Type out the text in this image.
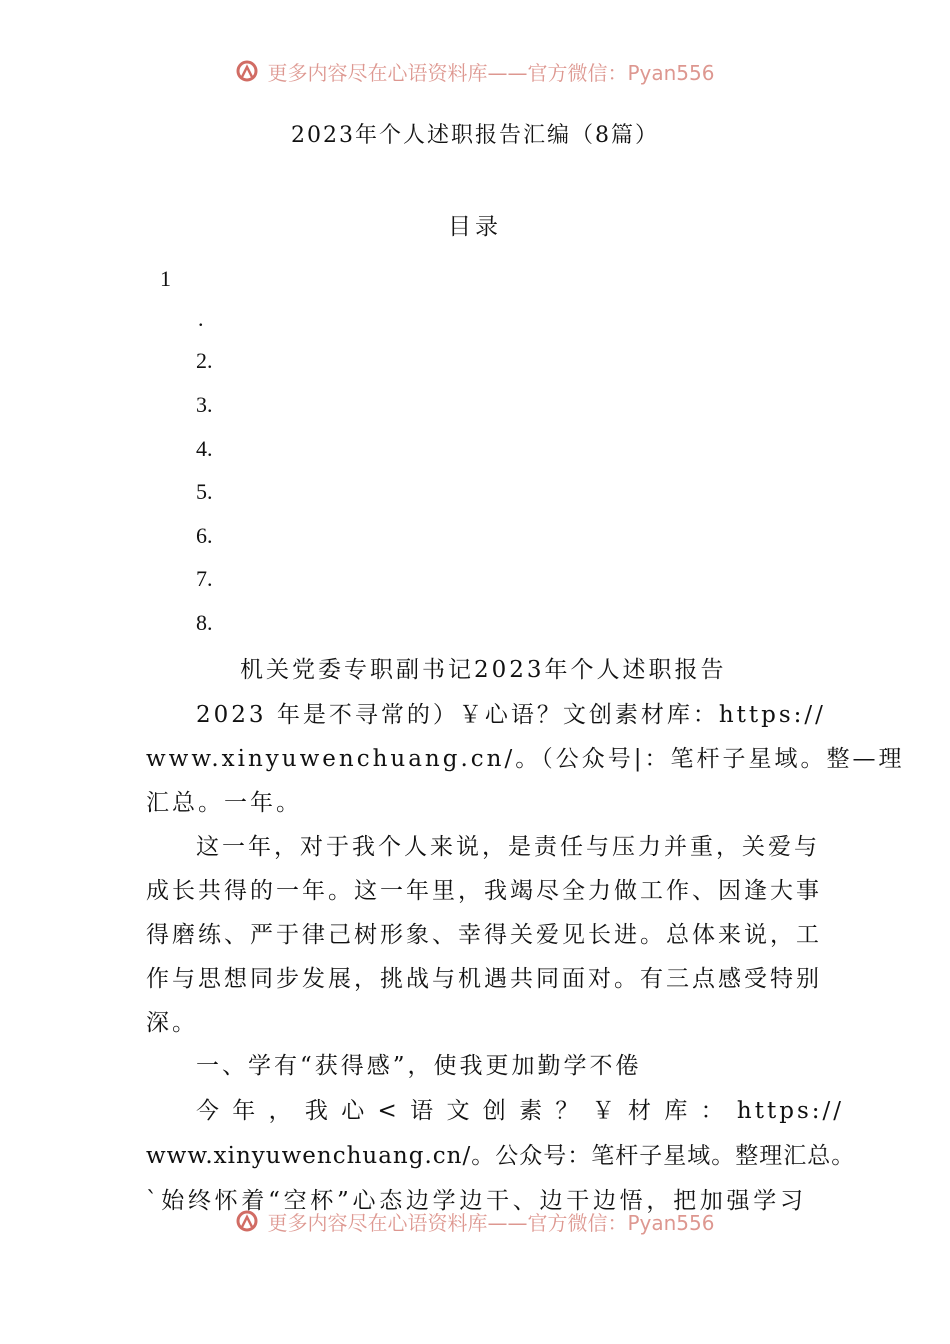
更多内容尽在心语资料库——官方微信：Pyan556
2023年个人述职报告汇编（8篇）
目录
1
.
2.
3.
4.
5.
6.
7.
8.
机关党委专职副书记2023年个人述职报告
2023 年是不寻常的）￥心语？文创素材库：https://
www.xinyuwenchuang.cn/。（公众号|：笔杆子星域。整—理
汇总。一年。
这一年，对于我个人来说，是责任与压力并重，关爱与
成长共得的一年。这一年里，我竭尽全力做工作、因逢大事
得磨练、严于律己树形象、幸得关爱见长进。总体来说，工
作与思想同步发展，挑战与机遇共同面对。有三点感受特别
深。
一、学有“获得感”，使我更加勤学不倦
今 年 ， 我 心 < 语 文 创 素 ？ ￥ 材 库 ： https://
www.xinyuwenchuang.cn/。公众号：笔杆子星域。整理汇总。
`始终怀着“空杯”心态边学边干、边干边悟，把加强学习
更多内容尽在心语资料库——官方微信：Pyan556
